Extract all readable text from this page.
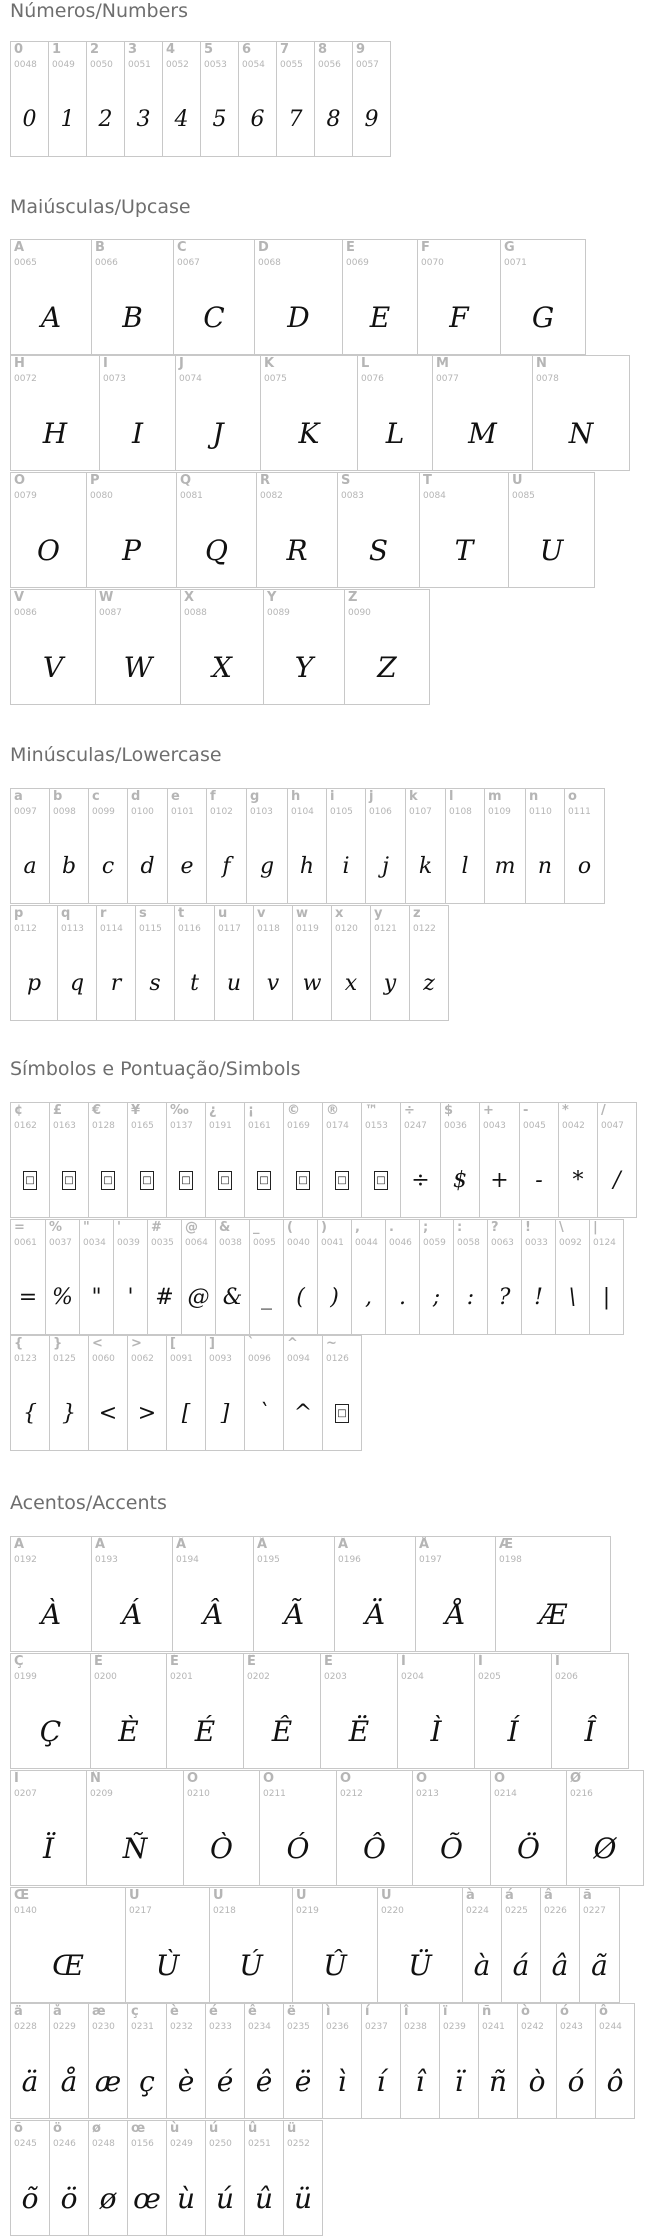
Números/Numbers
0
0048
0
1
0049
1
2
0050
2
3
0051
3
4
0052
4
5
0053
5
6
0054
6
7
0055
7
8
0056
8
9
0057
9
Maiúsculas/Upcase
A
0065
A
B
0066
B
C
0067
C
D
0068
D
E
0069
E
F
0070
F
G
0071
G
H
0072
H
I
0073
I
J
0074
J
K
0075
K
L
0076
L
M
0077
M
N
0078
N
O
0079
O
P
0080
P
Q
0081
Q
R
0082
R
S
0083
S
T
0084
T
U
0085
U
V
0086
V
W
0087
W
X
0088
X
Y
0089
Y
Z
0090
Z
Minúsculas/Lowercase
a
0097
a
b
0098
b
c
0099
c
d
0100
d
e
0101
e
f
0102
f
g
0103
g
h
0104
h
i
0105
i
j
0106
j
k
0107
k
l
0108
l
m
0109
m
n
0110
n
o
0111
o
p
0112
p
q
0113
q
r
0114
r
s
0115
s
t
0116
t
u
0117
u
v
0118
v
w
0119
w
x
0120
x
y
0121
y
z
0122
z
Símbolos e Pontuação/Simbols
¢
0162
□
£
0163
□
€
0128
□
¥
0165
□
‰
0137
□
¿
0191
□
¡
0161
□
©
0169
□
®
0174
□
™
0153
□
÷
0247
÷
$
0036
$
+
0043
+
-
0045
-
*
0042
*
/
0047
/
=
0061
=
%
0037
%
"
0034
"
'
0039
'
#
0035
#
@
0064
@
&
0038
&
_
0095
_
(
0040
(
)
0041
)
,
0044
,
.
0046
.
;
0059
;
:
0058
:
?
0063
?
!
0033
!
\
0092
\
|
0124
|
{
0123
{
}
0125
}
<
0060
<
>
0062
>
[
0091
[
]
0093
]
`
0096
`
^
0094
^
~
0126
□
Acentos/Accents
À
0192
À
Á
0193
Á
Â
0194
Â
Ã
0195
Ã
Ä
0196
Ä
Å
0197
Å
Æ
0198
Æ
Ç
0199
Ç
È
0200
È
É
0201
É
Ê
0202
Ê
Ë
0203
Ë
Ì
0204
Ì
Í
0205
Í
Î
0206
Î
Ï
0207
Ï
Ñ
0209
Ñ
Ò
0210
Ò
Ó
0211
Ó
Ô
0212
Ô
Õ
0213
Õ
Ö
0214
Ö
Ø
0216
Ø
Œ
0140
Œ
Ù
0217
Ù
Ú
0218
Ú
Û
0219
Û
Ü
0220
Ü
à
0224
à
á
0225
á
â
0226
â
ã
0227
ã
ä
0228
ä
å
0229
å
æ
0230
æ
ç
0231
ç
è
0232
è
é
0233
é
ê
0234
ê
ë
0235
ë
ì
0236
ì
í
0237
í
î
0238
î
ï
0239
ï
ñ
0241
ñ
ò
0242
ò
ó
0243
ó
ô
0244
ô
õ
0245
õ
ö
0246
ö
ø
0248
ø
œ
0156
œ
ù
0249
ù
ú
0250
ú
û
0251
û
ü
0252
ü
